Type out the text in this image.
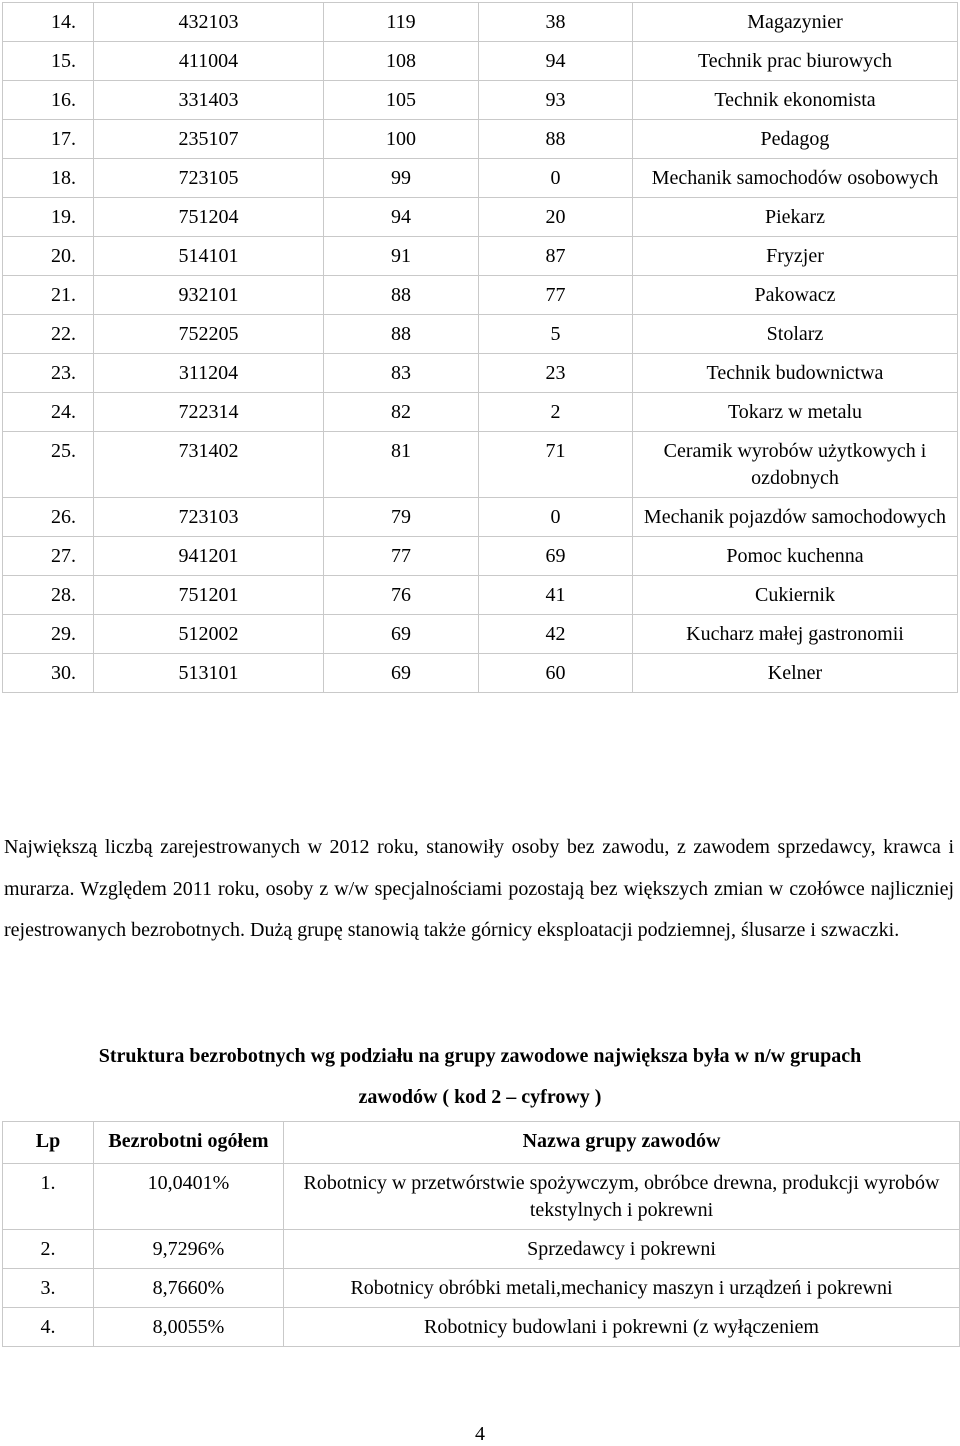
14.	432103	119	38	Magazynier
15.	411004	108	94	Technik prac biurowych
16.	331403	105	93	Technik ekonomista
17.	235107	100	88	Pedagog
18.	723105	99	0	Mechanik samochodów osobowych
19.	751204	94	20	Piekarz
20.	514101	91	87	Fryzjer
21.	932101	88	77	Pakowacz
22.	752205	88	5	Stolarz
23.	311204	83	23	Technik budownictwa
24.	722314	82	2	Tokarz w metalu
25.	731402	81	71	Ceramik wyrobów użytkowych i ozdobnych
26.	723103	79	0	Mechanik pojazdów samochodowych
27.	941201	77	69	Pomoc kuchenna
28.	751201	76	41	Cukiernik
29.	512002	69	42	Kucharz małej gastronomii
30.	513101	69	60	Kelner

Największą liczbą zarejestrowanych w 2012 roku, stanowiły osoby bez zawodu, z zawodem sprzedawcy, krawca i murarza. Względem 2011 roku, osoby z w/w specjalnościami pozostają bez większych zmian w czołówce najliczniej rejestrowanych bezrobotnych. Dużą grupę stanowią także górnicy eksploatacji podziemnej, ślusarze i szwaczki.

Struktura bezrobotnych wg podziału na grupy zawodowe największa była w n/w grupach
zawodów ( kod 2 – cyfrowy )
Lp	Bezrobotni ogółem	Nazwa grupy zawodów
1.	10,0401%	Robotnicy w przetwórstwie spożywczym, obróbce drewna, produkcji wyrobów tekstylnych i pokrewni
2.	9,7296%	Sprzedawcy i pokrewni
3.	8,7660%	Robotnicy obróbki metali,mechanicy maszyn i urządzeń i pokrewni
4.	8,0055%	Robotnicy budowlani i pokrewni (z wyłączeniem
4
